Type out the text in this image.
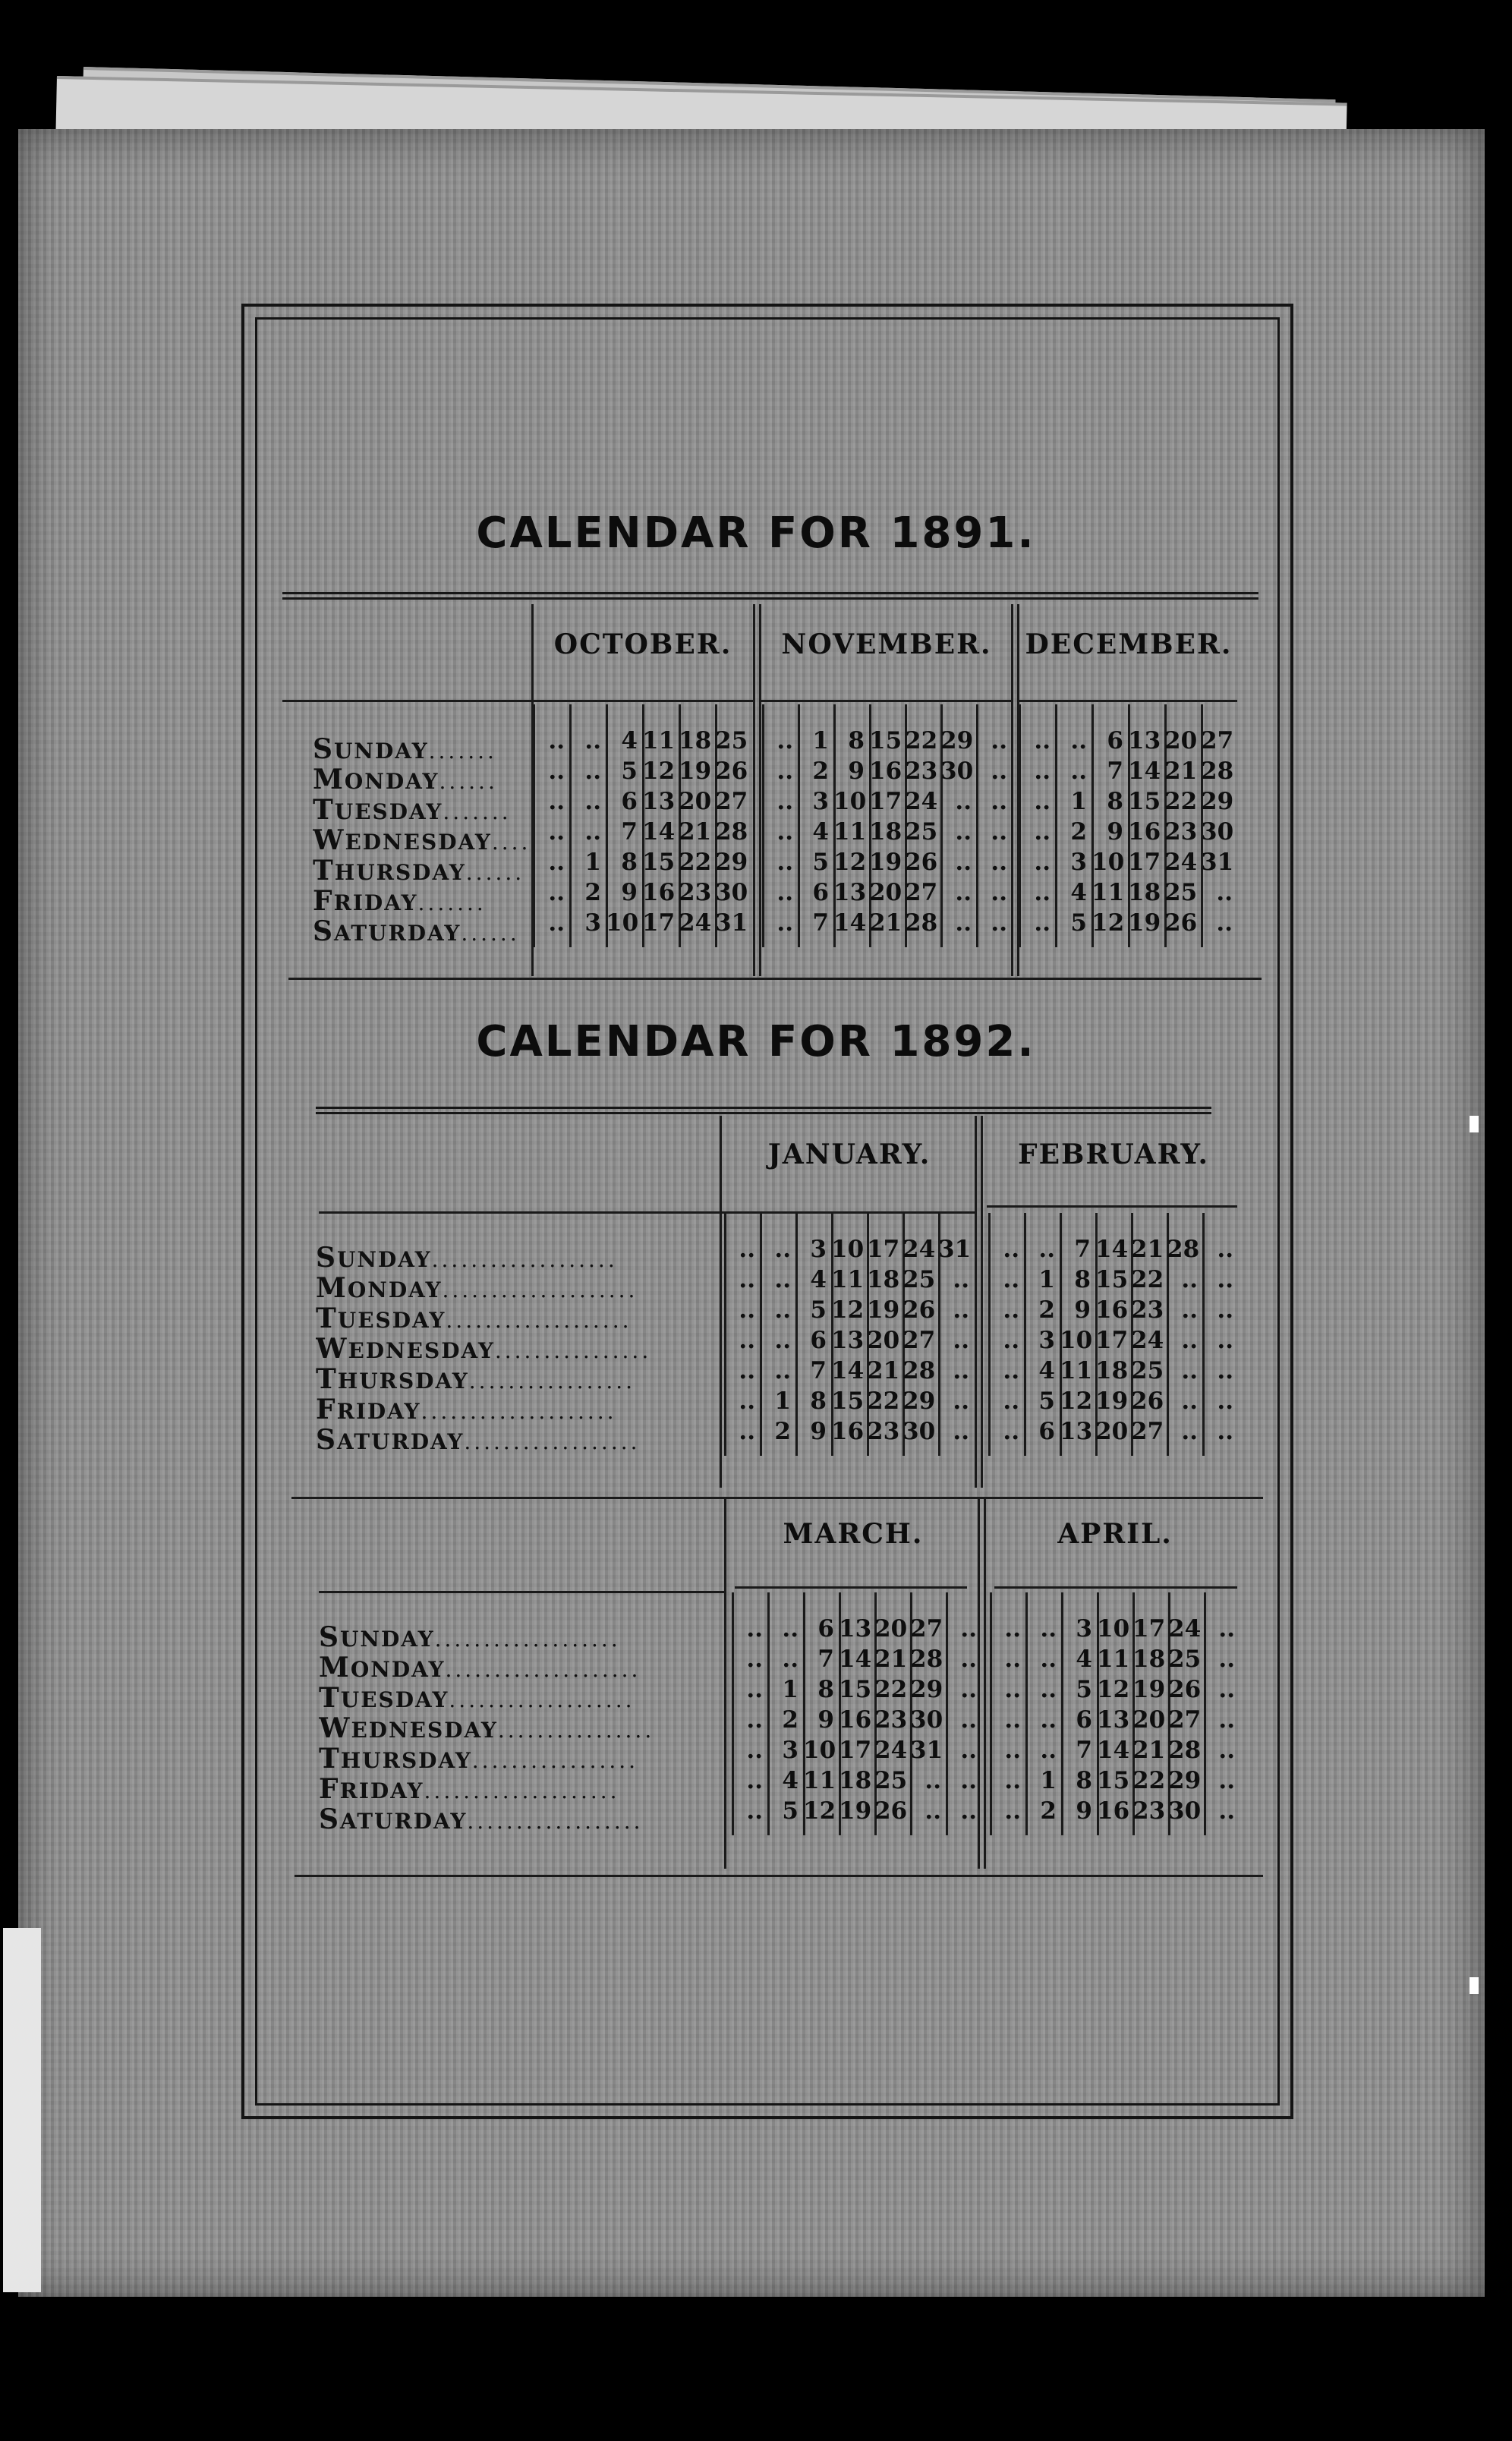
CALENDAR FOR 1891.
CALENDAR FOR 1892.
SUNDAY.......
MONDAY......
TUESDAY.......
WEDNESDAY....
THURSDAY......
FRIDAY.......
SATURDAY......
OCTOBER.
.. .. 4 11 18 25
.. .. 5 12 19 26
.. .. 6 13 20 27
.. .. 7 14 21 28
.. 1 8 15 22 29
.. 2 9 16 23 30
.. 3 10 17 24 31
NOVEMBER.
.. 1 8 15 22 29 ..
.. 2 9 16 23 30 ..
.. 3 10 17 24 .. ..
.. 4 11 18 25 .. ..
.. 5 12 19 26 .. ..
.. 6 13 20 27 .. ..
.. 7 14 21 28 .. ..
DECEMBER.
.. .. 6 13 20 27
.. .. 7 14 21 28
.. 1 8 15 22 29
.. 2 9 16 23 30
.. 3 10 17 24 31
.. 4 11 18 25 ..
.. 5 12 19 26 ..
SUNDAY...................
MONDAY....................
TUESDAY...................
WEDNESDAY................
THURSDAY.................
FRIDAY....................
SATURDAY..................
JANUARY.
.. .. 3 10 17 24 31
.. .. 4 11 18 25 ..
.. .. 5 12 19 26 ..
.. .. 6 13 20 27 ..
.. .. 7 14 21 28 ..
.. 1 8 15 22 29 ..
.. 2 9 16 23 30 ..
FEBRUARY.
.. .. 7 14 21 28 ..
.. 1 8 15 22 .. ..
.. 2 9 16 23 .. ..
.. 3 10 17 24 .. ..
.. 4 11 18 25 .. ..
.. 5 12 19 26 .. ..
.. 6 13 20 27 .. ..
SUNDAY...................
MONDAY....................
TUESDAY...................
WEDNESDAY................
THURSDAY.................
FRIDAY....................
SATURDAY..................
MARCH.
.. .. 6 13 20 27 ..
.. .. 7 14 21 28 ..
.. 1 8 15 22 29 ..
.. 2 9 16 23 30 ..
.. 3 10 17 24 31 ..
.. 4 11 18 25 .. ..
.. 5 12 19 26 .. ..
APRIL.
.. .. 3 10 17 24 ..
.. .. 4 11 18 25 ..
.. .. 5 12 19 26 ..
.. .. 6 13 20 27 ..
.. .. 7 14 21 28 ..
.. 1 8 15 22 29 ..
.. 2 9 16 23 30 ..
